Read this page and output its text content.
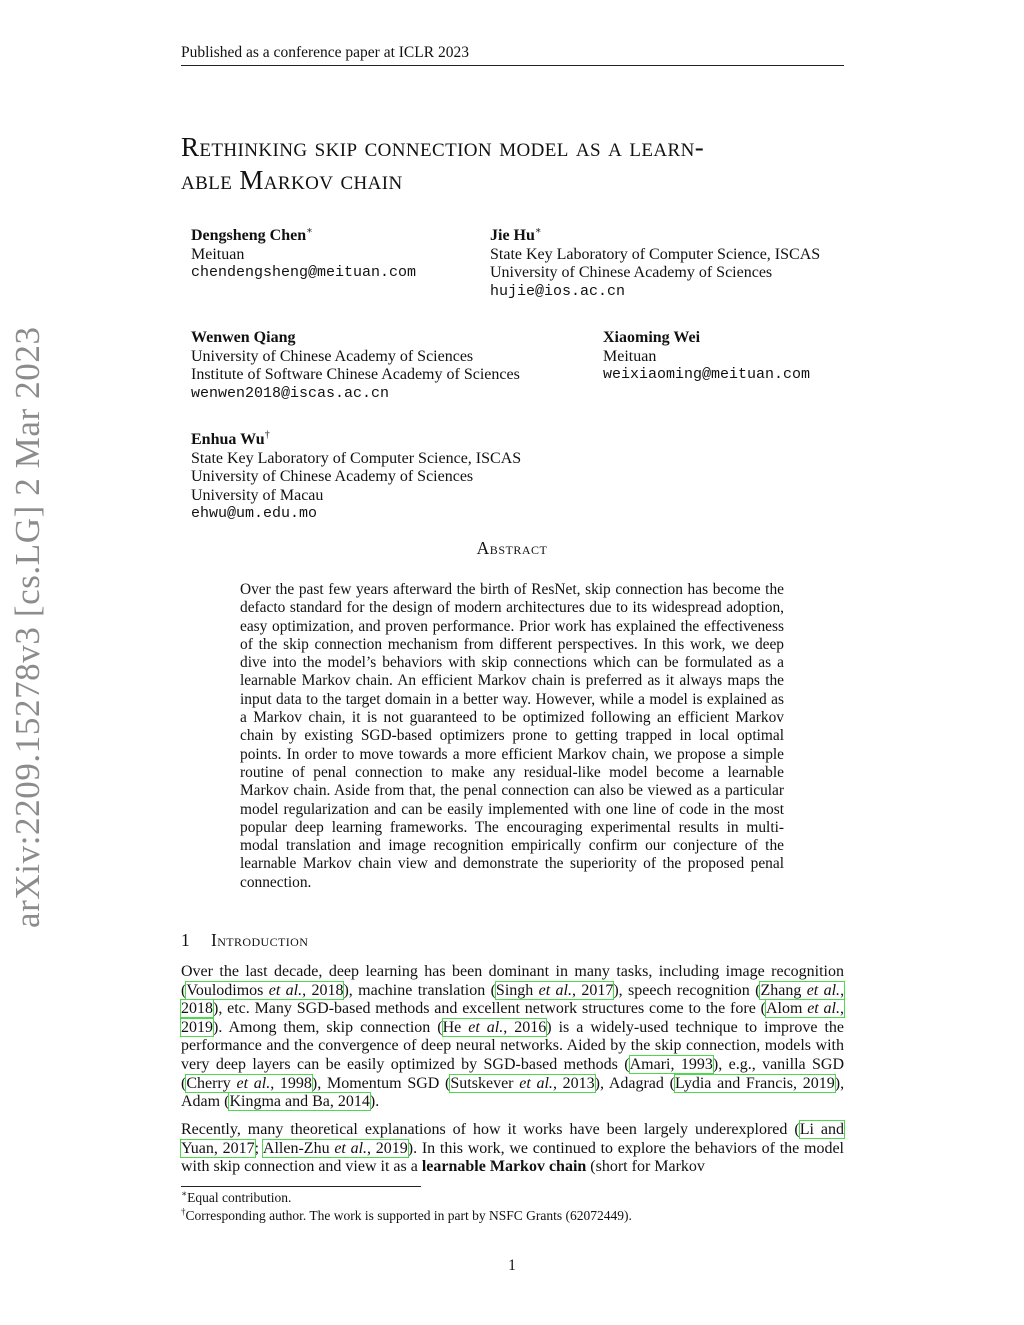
Published as a conference paper at ICLR 2023
Rethinking skip connection model as a learn-
able Markov chain
Dengsheng Chen∗
Meituan
chendengsheng@meituan.com
Jie Hu∗
State Key Laboratory of Computer Science, ISCAS
University of Chinese Academy of Sciences
hujie@ios.ac.cn
Wenwen Qiang
University of Chinese Academy of Sciences
Institute of Software Chinese Academy of Sciences
wenwen2018@iscas.ac.cn
Xiaoming Wei
Meituan
weixiaoming@meituan.com
Enhua Wu†
State Key Laboratory of Computer Science, ISCAS
University of Chinese Academy of Sciences
University of Macau
ehwu@um.edu.mo
arXiv:2209.15278v3 [cs.LG] 2 Mar 2023	Abstract
Over the past few years afterward the birth of ResNet, skip connection has become the defacto standard for the design of modern architectures due to its widespread adoption, easy optimization, and proven performance. Prior work has explained the effectiveness of the skip connection mechanism from different perspectives. In this work, we deep dive into the model’s behaviors with skip connections which can be formulated as a learnable Markov chain. An efficient Markov chain is preferred as it always maps the input data to the target domain in a better way. However, while a model is explained as a Markov chain, it is not guaranteed to be optimized following an efficient Markov chain by existing SGD-based optimizers prone to getting trapped in local optimal points. In order to move towards a more efficient Markov chain, we propose a simple routine of penal connection to make any residual-like model become a learnable Markov chain. Aside from that, the penal connection can also be viewed as a particular model regularization and can be easily implemented with one line of code in the most popular deep learning frameworks. The encouraging experimental results in multi-modal translation and image recognition empirically confirm our conjecture of the learnable Markov chain view and demonstrate the superiority of the proposed penal connection.
1 Introduction
Over the last decade, deep learning has been dominant in many tasks, including image recognition (Voulodimos et al., 2018), machine translation (Singh et al., 2017), speech recognition (Zhang et al., 2018), etc. Many SGD-based methods and excellent network structures come to the fore (Alom et al., 2019). Among them, skip connection (He et al., 2016) is a widely-used technique to improve the performance and the convergence of deep neural networks. Aided by the skip connection, models with very deep layers can be easily optimized by SGD-based methods (Amari, 1993), e.g., vanilla SGD (Cherry et al., 1998), Momentum SGD (Sutskever et al., 2013), Adagrad (Lydia and Francis, 2019), Adam (Kingma and Ba, 2014).
Recently, many theoretical explanations of how it works have been largely underexplored (Li and Yuan, 2017; Allen-Zhu et al., 2019). In this work, we continued to explore the behaviors of the model with skip connection and view it as a learnable Markov chain (short for Markov
∗Equal contribution.
†Corresponding author. The work is supported in part by NSFC Grants (62072449).
1
